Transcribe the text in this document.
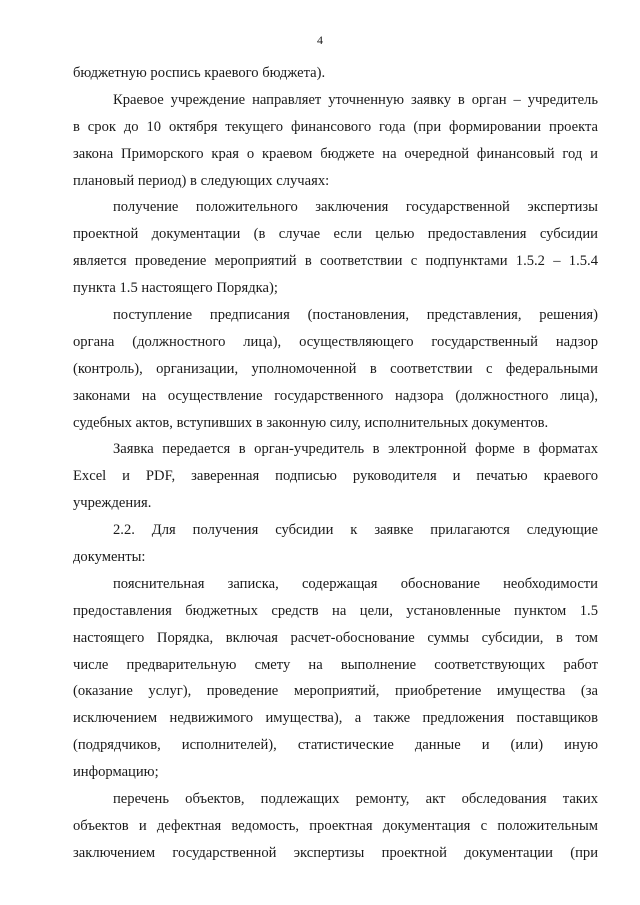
4
бюджетную роспись краевого бюджета).
Краевое учреждение направляет уточненную заявку в орган – учредитель
в срок до 10 октября текущего финансового года (при формировании проекта
закона Приморского края о краевом бюджете на очередной финансовый год и
плановый период) в следующих случаях:
получение положительного заключения государственной экспертизы
проектной документации (в случае если целью предоставления субсидии
является проведение мероприятий в соответствии с подпунктами 1.5.2 – 1.5.4
пункта 1.5 настоящего Порядка);
поступление предписания (постановления, представления, решения)
органа (должностного лица), осуществляющего государственный надзор
(контроль), организации, уполномоченной в соответствии с федеральными
законами на осуществление государственного надзора (должностного лица),
судебных актов, вступивших в законную силу, исполнительных документов.
Заявка передается в орган-учредитель в электронной форме в форматах
Excel и PDF, заверенная подписью руководителя и печатью краевого
учреждения.
2.2. Для получения субсидии к заявке прилагаются следующие
документы:
пояснительная записка, содержащая обоснование необходимости
предоставления бюджетных средств на цели, установленные пунктом 1.5
настоящего Порядка, включая расчет-обоснование суммы субсидии, в том
числе предварительную смету на выполнение соответствующих работ
(оказание услуг), проведение мероприятий, приобретение имущества (за
исключением недвижимого имущества), а также предложения поставщиков
(подрядчиков, исполнителей), статистические данные и (или) иную
информацию;
перечень объектов, подлежащих ремонту, акт обследования таких
объектов и дефектная ведомость, проектная документация с положительным
заключением государственной экспертизы проектной документации (при
